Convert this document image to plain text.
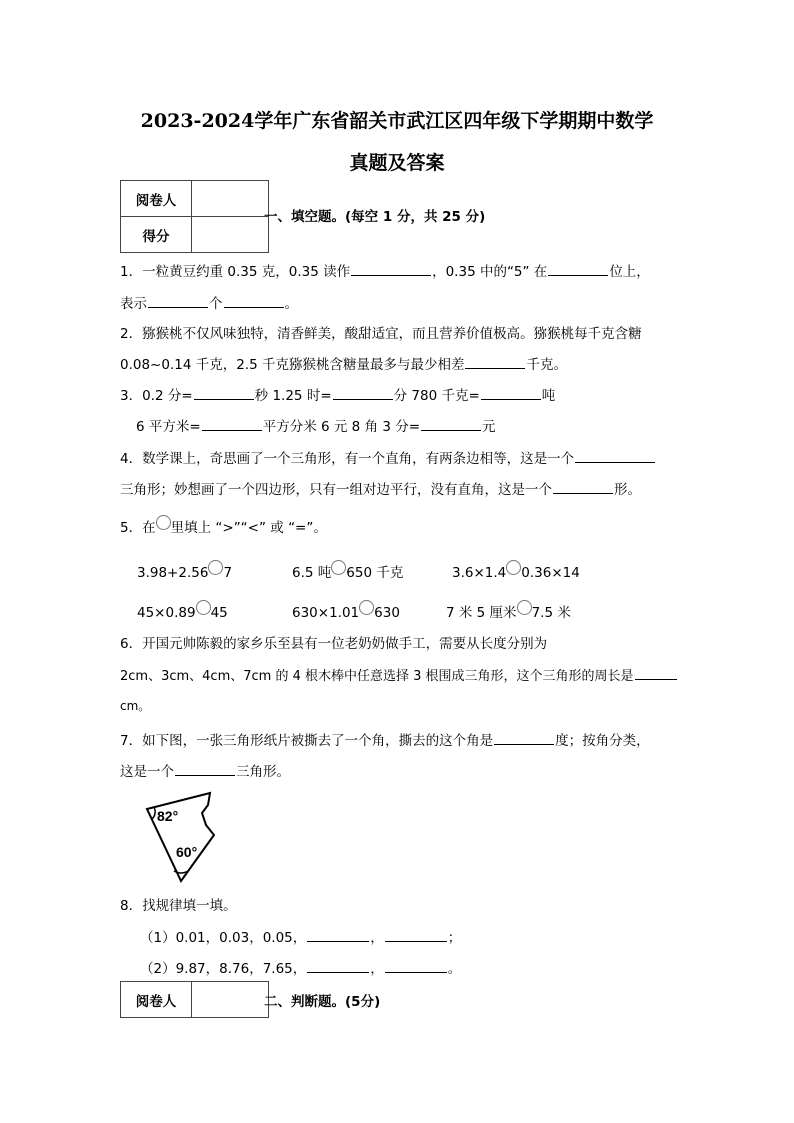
2023-2024学年广东省韶关市武江区四年级下学期期中数学
真题及答案
阅卷人	
得分	
一、填空题。(每空 1 分，共 25 分)
1．一粒黄豆约重 0.35 克，0.35 读作	，0.35 中的“5” 在	位上，
表示	个	。
2．猕猴桃不仅风味独特，清香鲜美，酸甜适宜，而且营养价值极高。猕猴桃每千克含糖
0.08~0.14 千克，2.5 千克猕猴桃含糖量最多与最少相差	千克。
3．0.2 分=	秒 1.25 时=	分 780 千克=	吨
6 平方米=	平方分米 6 元 8 角 3 分=	元
4．数学课上，奇思画了一个三角形，有一个直角，有两条边相等，这是一个
三角形；妙想画了一个四边形，只有一组对边平行，没有直角，这是一个	形。
5．在 里填上 “>”“<” 或 “=”。
3.98+2.56 7	6.5 吨 650 千克	3.6×1.4 0.36×14
45×0.89 45	630×1.01 630	7 米 5 厘米 7.5 米
6．开国元帅陈毅的家乡乐至县有一位老奶奶做手工，需要从长度分别为
2cm、3cm、4cm、7cm 的 4 根木棒中任意选择 3 根围成三角形，这个三角形的周长是
cm。
7．如下图，一张三角形纸片被撕去了一个角，撕去的这个角是	度；按角分类，
这是一个	三角形。
82°
60°
8．找规律填一填。
（1）0.01，0.03，0.05，	，	；
（2）9.87，8.76，7.65，	，	。
阅卷人		二、判断题。(5分)
